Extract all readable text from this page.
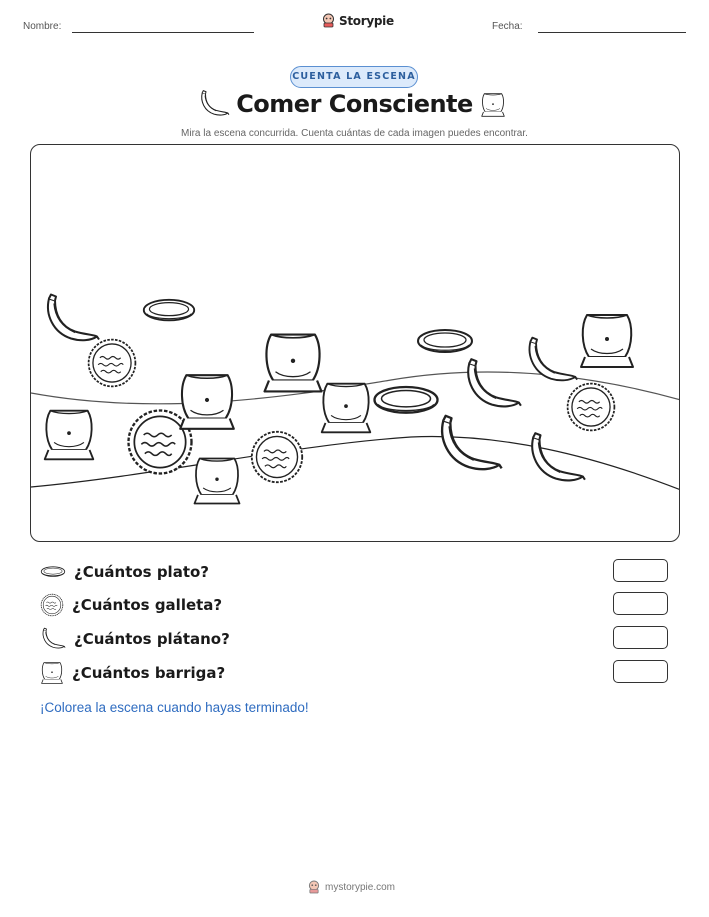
Nombre:	Storypie	Fecha:
CUENTA LA ESCENA
Comer Consciente
Mira la escena concurrida. Cuenta cuántas de cada imagen puedes encontrar.
¿Cuántos plato?
¿Cuántos galleta?
¿Cuántos plátano?
¿Cuántos barriga?
¡Colorea la escena cuando hayas terminado!
mystorypie.com
